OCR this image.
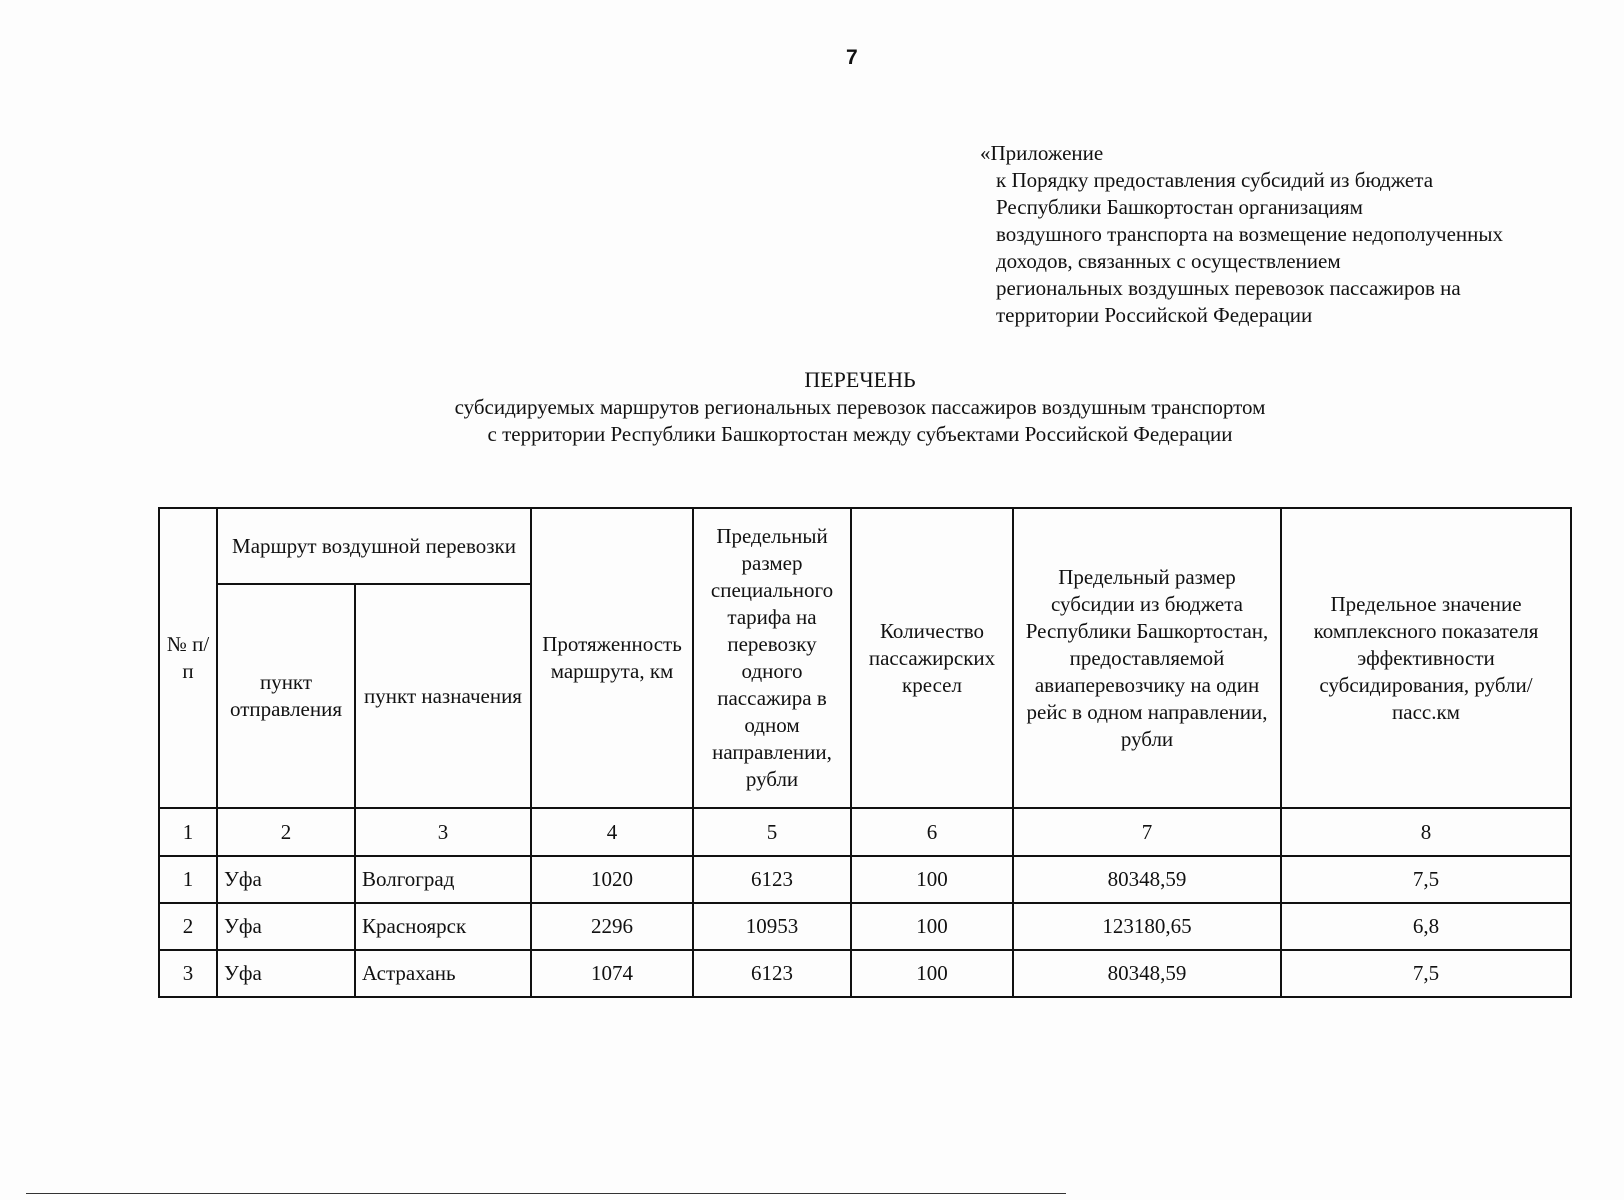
7
«Приложение
к Порядку предоставления субсидий из бюджета
Республики Башкортостан организациям
воздушного транспорта на возмещение недополученных
доходов, связанных с осуществлением
региональных воздушных перевозок пассажиров на
территории Российской Федерации
ПЕРЕЧЕНЬ
субсидируемых маршрутов региональных перевозок пассажиров воздушным транспортом
с территории Республики Башкортостан между субъектами Российской Федерации
№ п/п	Маршрут воздушной перевозки		Протяженность маршрута, км	Предельный размер специального тарифа на перевозку одного пассажира в одном направлении, рубли	Количество пассажирских кресел	Предельный размер субсидии из бюджета Республики Башкортостан, предоставляемой авиаперевозчику на один рейс в одном направлении, рубли	Предельное значение комплексного показателя эффективности субсидирования, рубли/пасс.км
	пункт отправления	пункт назначения					
1	2	3	4	5	6	7	8
1	Уфа	Волгоград	1020	6123	100	80348,59	7,5
2	Уфа	Красноярск	2296	10953	100	123180,65	6,8
3	Уфа	Астрахань	1074	6123	100	80348,59	7,5
